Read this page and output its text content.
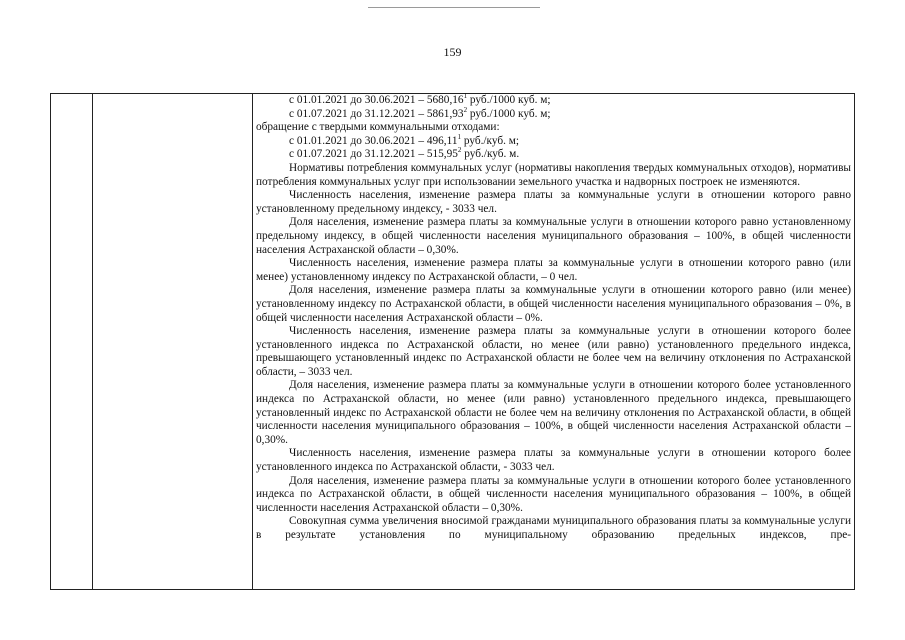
159

с 01.01.2021 до 30.06.2021 – 5680,16$^1$ руб./1000 куб. м;

с 01.07.2021 до 31.12.2021 – 5861,93$^2$ руб./1000 куб. м;

обращение с твердыми коммунальными отходами:

с 01.01.2021 до 30.06.2021 – 496,11$^1$ руб./куб. м;

с 01.07.2021 до 31.12.2021 – 515,95$^2$ руб./куб. м.

Нормативы потребления коммунальных услуг (нормативы накопления твердых коммунальных отходов), нормативы потребления коммунальных услуг при использовании земельного участка и надворных построек не изменяются.

Численность населения, изменение размера платы за коммунальные услуги в отношении которого равно установленному предельному индексу, - 3033 чел.

Доля населения, изменение размера платы за коммунальные услуги в отношении которого равно установленному предельному индексу, в общей численности населения муниципального образования – 100%, в общей численности населения Астраханской области – 0,30%.

Численность населения, изменение размера платы за коммунальные услуги в отношении которого равно (или менее) установленному индексу по Астраханской области, – 0 чел.

Доля населения, изменение размера платы за коммунальные услуги в отношении которого равно (или менее) установленному индексу по Астраханской области, в общей численности населения муниципального образования – 0%, в общей численности населения Астраханской области – 0%.

Численность населения, изменение размера платы за коммунальные услуги в отношении которого более установленного индекса по Астраханской области, но менее (или равно) установленного предельного индекса, превышающего установленный индекс по Астраханской области не более чем на величину отклонения по Астраханской области, – 3033 чел.

Доля населения, изменение размера платы за коммунальные услуги в отношении которого более установленного индекса по Астраханской области, но менее (или равно) установленного предельного индекса, превышающего установленный индекс по Астраханской области не более чем на величину отклонения по Астраханской области, в общей численности населения муниципального образования – 100%, в общей численности населения Астраханской области – 0,30%.

Численность населения, изменение размера платы за коммунальные услуги в отношении которого более установленного индекса по Астраханской области, - 3033 чел.

Доля населения, изменение размера платы за коммунальные услуги в отношении которого более установленного индекса по Астраханской области, в общей численности населения муниципального образования – 100%, в общей численности населения Астраханской области – 0,30%.

Совокупная сумма увеличения вносимой гражданами муниципального образования платы за коммунальные услуги в результате установления по муниципальному образованию предельных индексов, пре-
